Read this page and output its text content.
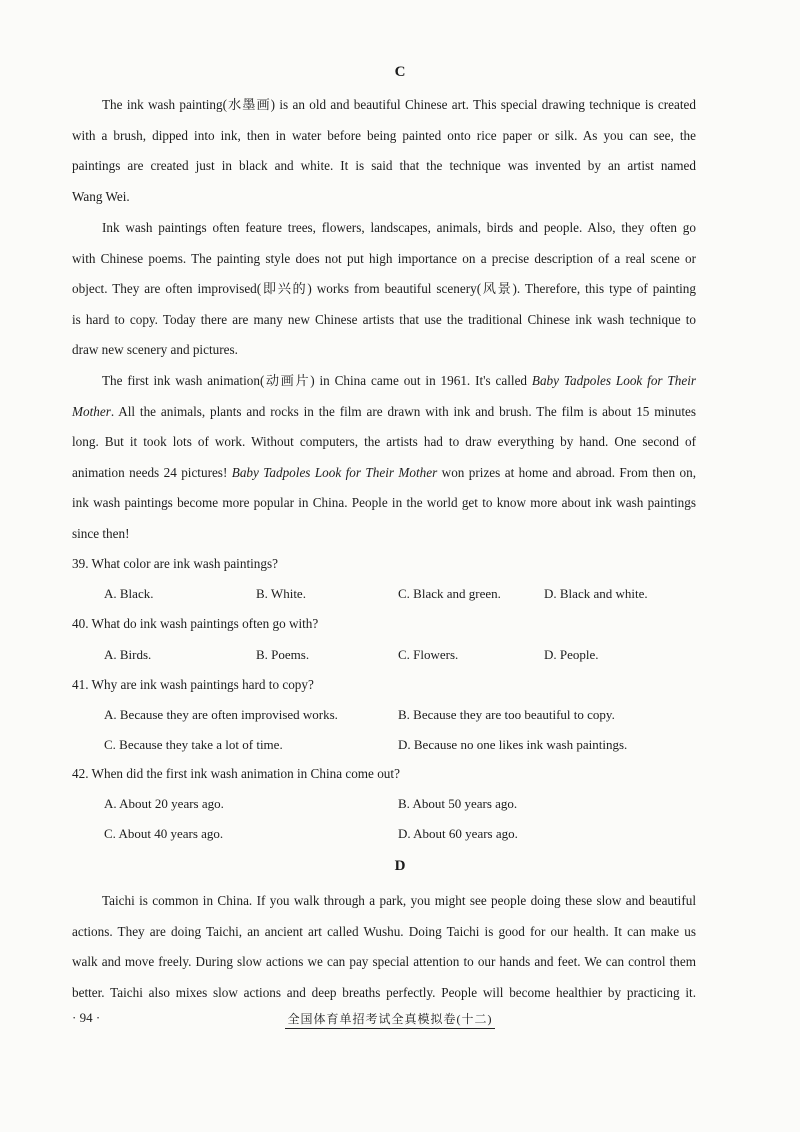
C
The ink wash painting(水墨画) is an old and beautiful Chinese art. This special drawing technique is created
with a brush, dipped into ink, then in water before being painted onto rice paper or silk. As you can see, the
paintings are created just in black and white. It is said that the technique was invented by an artist named
Wang Wei.
Ink wash paintings often feature trees, flowers, landscapes, animals, birds and people. Also, they often go
with Chinese poems. The painting style does not put high importance on a precise description of a real scene or
object. They are often improvised(即兴的) works from beautiful scenery(风景). Therefore, this type of painting
is hard to copy. Today there are many new Chinese artists that use the traditional Chinese ink wash technique to
draw new scenery and pictures.
The first ink wash animation(动画片) in China came out in 1961. It's called Baby Tadpoles Look for Their
Mother. All the animals, plants and rocks in the film are drawn with ink and brush. The film is about 15 minutes
long. But it took lots of work. Without computers, the artists had to draw everything by hand. One second of
animation needs 24 pictures! Baby Tadpoles Look for Their Mother won prizes at home and abroad. From then on,
ink wash paintings become more popular in China. People in the world get to know more about ink wash paintings
since then!
39. What color are ink wash paintings?
A. Black.	B. White.	C. Black and green.	D. Black and white.
40. What do ink wash paintings often go with?
A. Birds.	B. Poems.	C. Flowers.	D. People.
41. Why are ink wash paintings hard to copy?
A. Because they are often improvised works.	B. Because they are too beautiful to copy.
C. Because they take a lot of time.	D. Because no one likes ink wash paintings.
42. When did the first ink wash animation in China come out?
A. About 20 years ago.	B. About 50 years ago.
C. About 40 years ago.	D. About 60 years ago.
D
Taichi is common in China. If you walk through a park, you might see people doing these slow and beautiful
actions. They are doing Taichi, an ancient art called Wushu. Doing Taichi is good for our health. It can make us
walk and move freely. During slow actions we can pay special attention to our hands and feet. We can control them
better. Taichi also mixes slow actions and deep breaths perfectly. People will become healthier by practicing it.
· 94 ·	全国体育单招考试全真模拟卷(十二)
